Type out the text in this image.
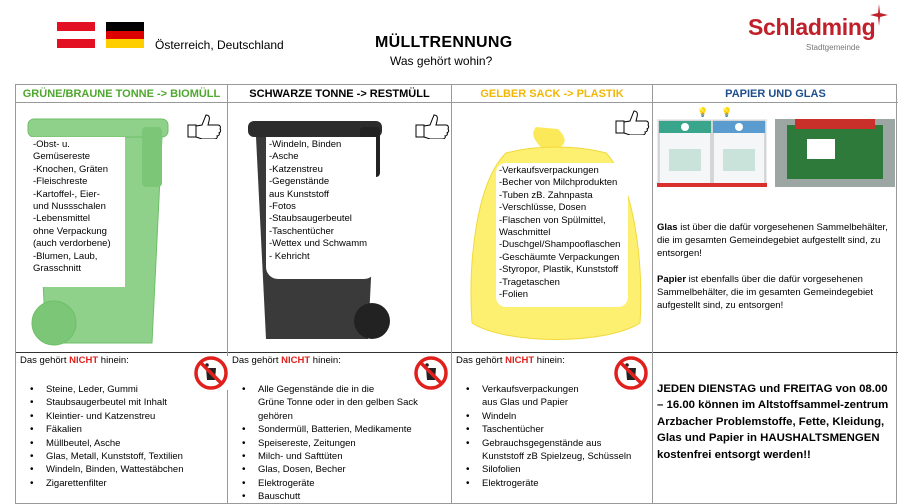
Österreich, Deutschland	MÜLLTRENNUNG
Was gehört wohin?
Schladming
Stadtgemeinde
GRÜNE/BRAUNE TONNE -> BIOMÜLL
-Obst- u.
Gemüsereste
-Knochen, Gräten
-Fleischreste
-Kartoffel-, Eier-
und Nussschalen
-Lebensmittel
ohne Verpackung
(auch verdorbene)
-Blumen, Laub,
Grasschnitt
Das gehört NICHT hinein:
• Steine, Leder, Gummi
• Staubsaugerbeutel mit Inhalt
• Kleintier- und Katzenstreu
• Fäkalien
• Müllbeutel, Asche
• Glas, Metall, Kunststoff, Textilien
• Windeln, Binden, Wattestäbchen
• Zigarettenfilter
SCHWARZE TONNE -> RESTMÜLL
-Windeln, Binden
-Asche
-Katzenstreu
-Gegenstände
aus Kunststoff
-Fotos
-Staubsaugerbeutel
-Taschentücher
-Wettex und Schwamm
- Kehricht
Das gehört NICHT hinein:
• Alle Gegenstände die in die
Grüne Tonne oder in den gelben Sack
gehören
• Sondermüll, Batterien, Medikamente
• Speisereste, Zeitungen
• Milch- und Safttüten
• Glas, Dosen, Becher
• Elektrogeräte
• Bauschutt
GELBER SACK -> PLASTIK
-Verkaufsverpackungen
-Becher von Milchprodukten
-Tuben zB. Zahnpasta
-Verschlüsse, Dosen
-Flaschen von Spülmittel,
Waschmittel
-Duschgel/Shampooflaschen
-Geschäumte Verpackungen
-Styropor, Plastik, Kunststoff
-Tragetaschen
-Folien
Das gehört NICHT hinein:
• Verkaufsverpackungen
aus Glas und Papier
• Windeln
• Taschentücher
• Gebrauchsgegenstände aus
Kunststoff zB Spielzeug, Schüsseln
• Silofolien
• Elektrogeräte
PAPIER UND GLAS
💡 💡
Glas ist über die dafür vorgesehenen Sammelbehälter, die im gesamten Gemeindegebiet aufgestellt sind, zu entsorgen!
Papier ist ebenfalls über die dafür vorgesehenen Sammelbehälter, die im gesamten Gemeindegebiet aufgestellt sind, zu entsorgen!
JEDEN DIENSTAG und FREITAG von 08.00 – 16.00 können im Altstoffsammel-zentrum Arzbacher Problemstoffe, Fette, Kleidung, Glas und Papier in HAUSHALTSMENGEN kostenfrei entsorgt werden!!
